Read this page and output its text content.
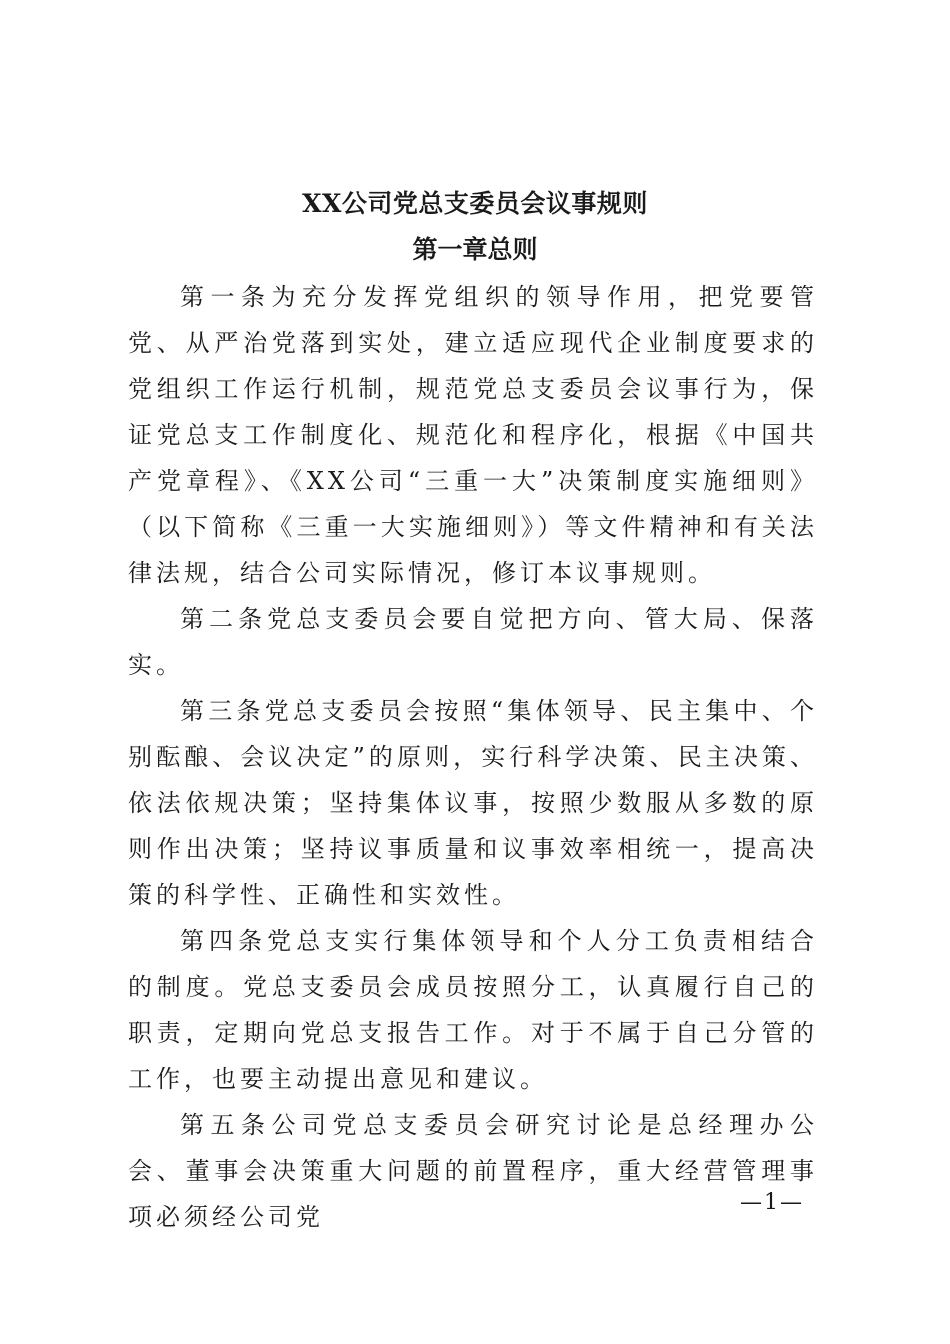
XX公司党总支委员会议事规则
第一章总则

第一条为充分发挥党组织的领导作用，把党要管党、从严治党落到实处，建立适应现代企业制度要求的党组织工作运行机制，规范党总支委员会议事行为，保证党总支工作制度化、规范化和程序化，根据《中国共产党章程》、《XX公司“三重一大”决策制度实施细则》（以下简称《三重一大实施细则》）等文件精神和有关法律法规，结合公司实际情况，修订本议事规则。

第二条党总支委员会要自觉把方向、管大局、保落实。

第三条党总支委员会按照“集体领导、民主集中、个别酝酿、会议决定”的原则，实行科学决策、民主决策、依法依规决策；坚持集体议事，按照少数服从多数的原则作出决策；坚持议事质量和议事效率相统一，提高决策的科学性、正确性和实效性。

第四条党总支实行集体领导和个人分工负责相结合的制度。党总支委员会成员按照分工，认真履行自己的职责，定期向党总支报告工作。对于不属于自己分管的工作，也要主动提出意见和建议。

第五条公司党总支委员会研究讨论是总经理办公会、董事会决策重大问题的前置程序，重大经营管理事项必须经公司党

—1—
